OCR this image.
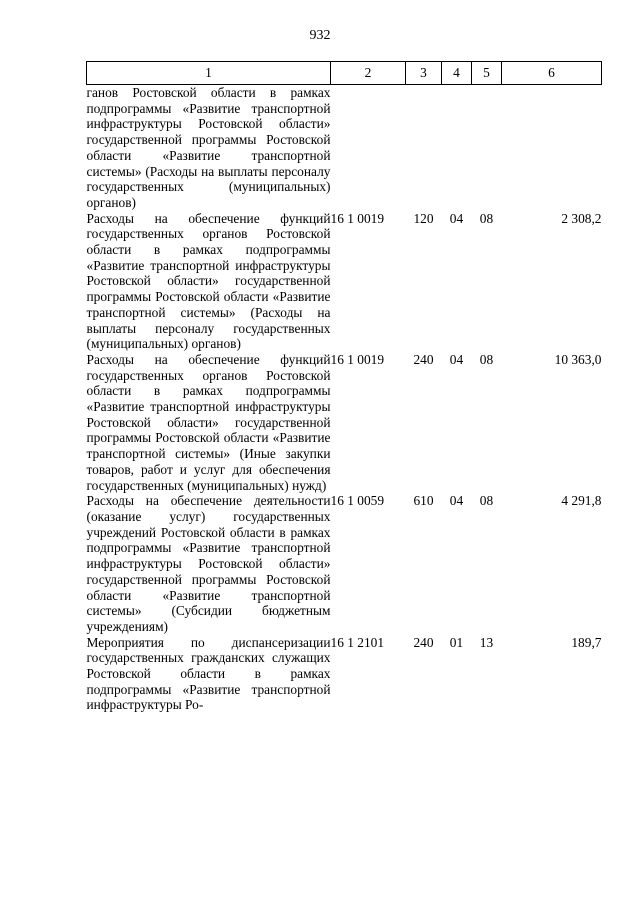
932
1	2	3	4	5	6
ганов Ростовской области в рамках подпрограммы «Развитие транспортной инфраструктуры Ростовской области» государственной программы Ростовской области «Развитие транспортной системы» (Расходы на выплаты персоналу государственных (муниципальных) органов)					
Расходы на обеспечение функций государственных органов Ростовской области в рамках подпрограммы «Развитие транспортной инфраструктуры Ростовской области» государственной программы Ростовской области «Развитие транспортной системы» (Расходы на выплаты персоналу государственных (муниципальных) органов)	16 1 0019	120	04	08	2 308,2
Расходы на обеспечение функций государственных органов Ростовской области в рамках подпрограммы «Развитие транспортной инфраструктуры Ростовской области» государственной программы Ростовской области «Развитие транспортной системы» (Иные закупки товаров, работ и услуг для обеспечения государственных (муниципальных) нужд)	16 1 0019	240	04	08	10 363,0
Расходы на обеспечение деятельности (оказание услуг) государственных учреждений Ростовской области в рамках подпрограммы «Развитие транспортной инфраструктуры Ростовской области» государственной программы Ростовской области «Развитие транспортной системы» (Субсидии бюджетным учреждениям)	16 1 0059	610	04	08	4 291,8
Мероприятия по диспансеризации государственных гражданских служащих Ростовской области в рамках подпрограммы «Развитие транспортной инфраструктуры Ро-	16 1 2101	240	01	13	189,7
